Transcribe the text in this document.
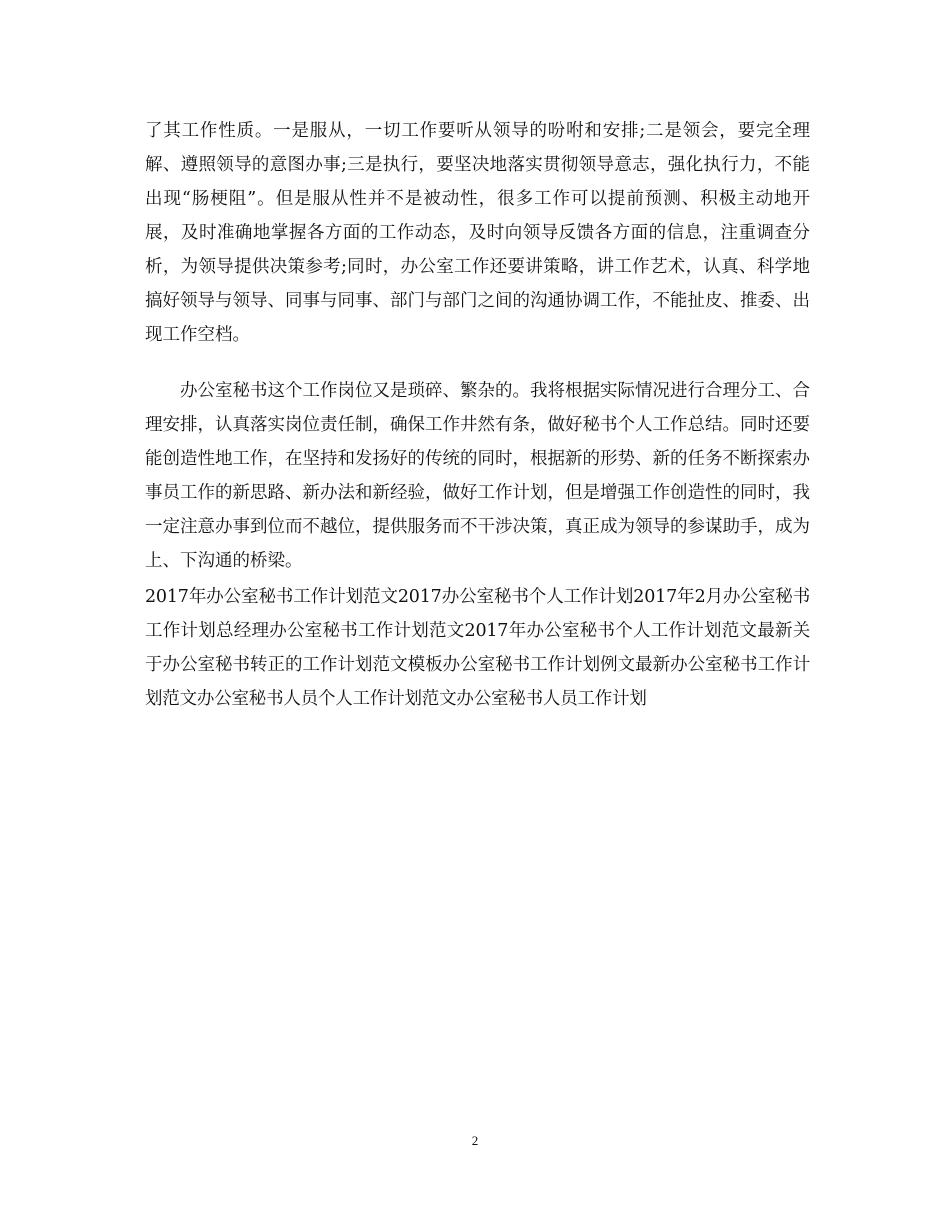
了其工作性质。一是服从，一切工作要听从领导的吩咐和安排;二是领会，要完全理解、遵照领导的意图办事;三是执行，要坚决地落实贯彻领导意志，强化执行力，不能出现“肠梗阻”。但是服从性并不是被动性，很多工作可以提前预测、积极主动地开展，及时准确地掌握各方面的工作动态，及时向领导反馈各方面的信息，注重调查分析，为领导提供决策参考;同时，办公室工作还要讲策略，讲工作艺术，认真、科学地搞好领导与领导、同事与同事、部门与部门之间的沟通协调工作，不能扯皮、推委、出现工作空档。
办公室秘书这个工作岗位又是琐碎、繁杂的。我将根据实际情况进行合理分工、合理安排，认真落实岗位责任制，确保工作井然有条，做好秘书个人工作总结。同时还要能创造性地工作，在坚持和发扬好的传统的同时，根据新的形势、新的任务不断探索办事员工作的新思路、新办法和新经验，做好工作计划，但是增强工作创造性的同时，我一定注意办事到位而不越位，提供服务而不干涉决策，真正成为领导的参谋助手，成为上、下沟通的桥梁。
2017年办公室秘书工作计划范文2017办公室秘书个人工作计划2017年2月办公室秘书工作计划总经理办公室秘书工作计划范文2017年办公室秘书个人工作计划范文最新关于办公室秘书转正的工作计划范文模板办公室秘书工作计划例文最新办公室秘书工作计划范文办公室秘书人员个人工作计划范文办公室秘书人员工作计划
2
